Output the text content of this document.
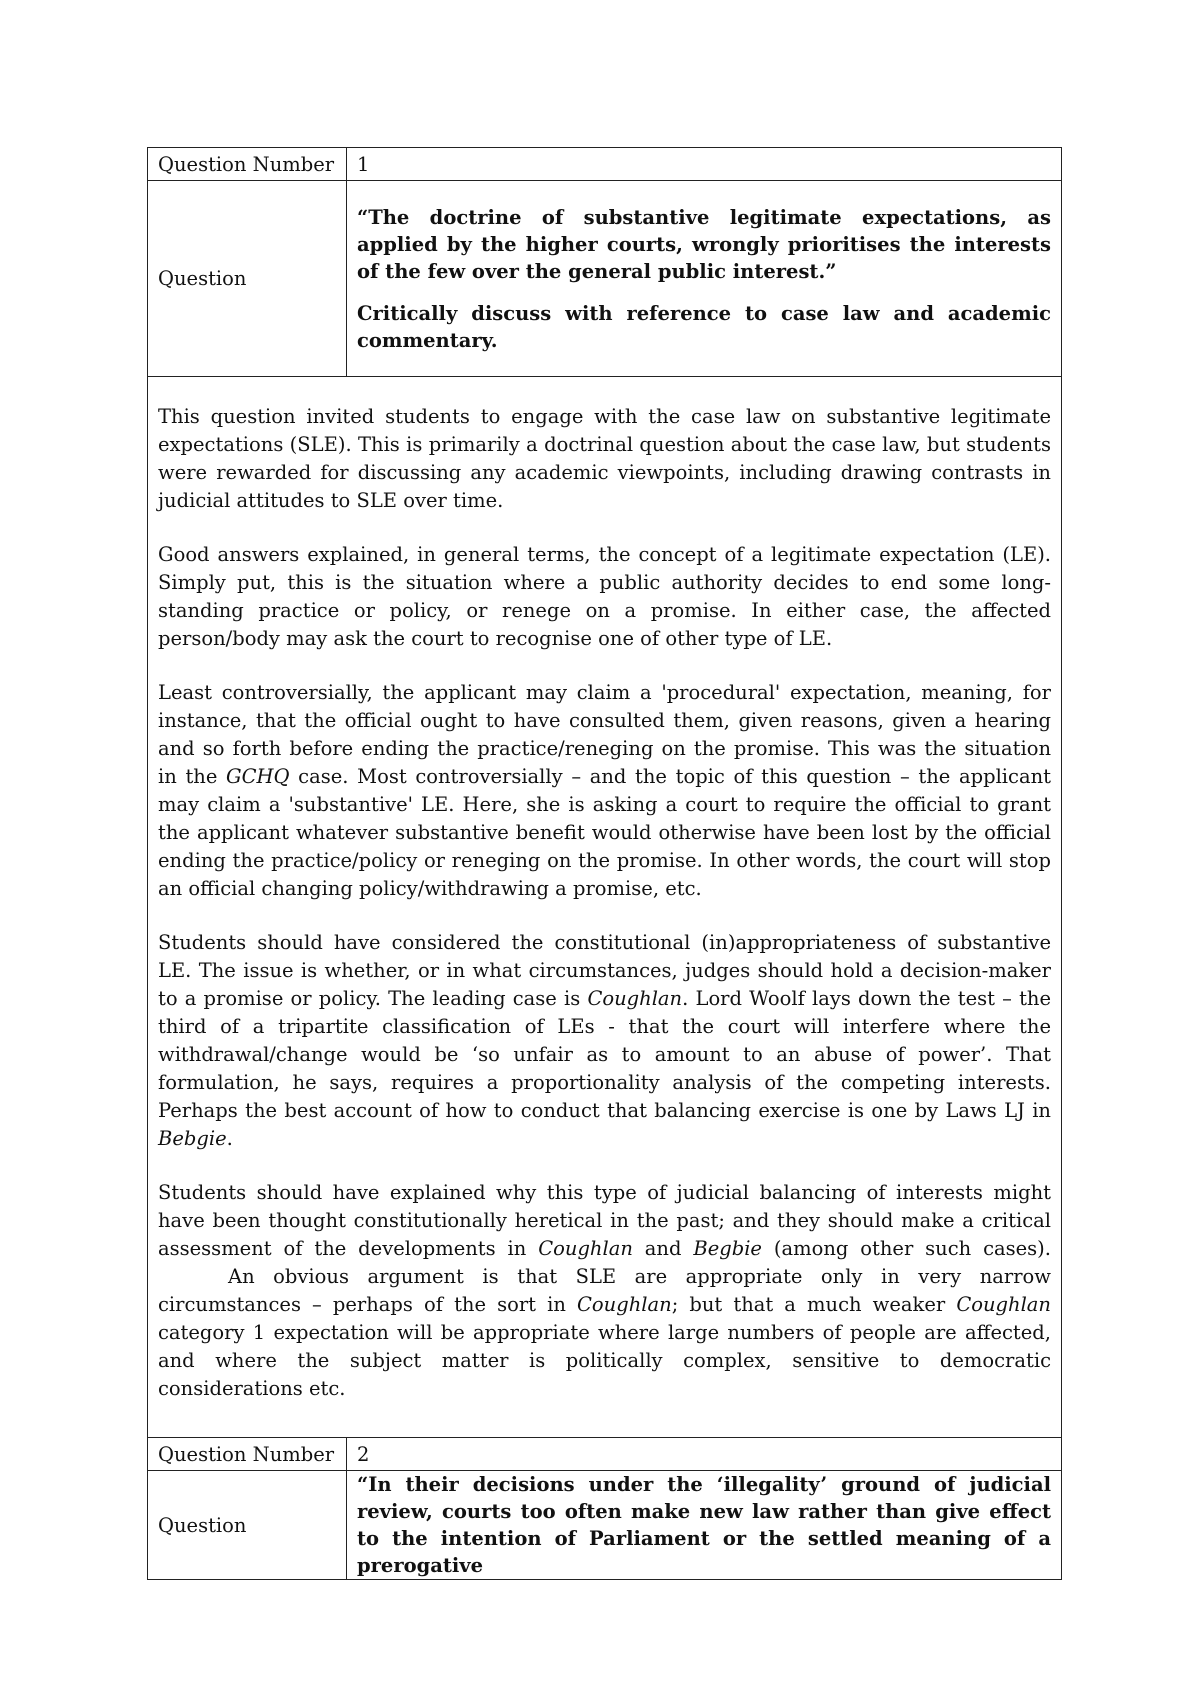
Question Number	1
Question	“The doctrine of substantive legitimate expectations, as applied by the higher courts, wrongly prioritises the interests of the few over the general public interest.”

Critically discuss with reference to case law and academic commentary.

This question invited students to engage with the case law on substantive legitimate expectations (SLE). This is primarily a doctrinal question about the case law, but students were rewarded for discussing any academic viewpoints, including drawing contrasts in judicial attitudes to SLE over time.

Good answers explained, in general terms, the concept of a legitimate expectation (LE). Simply put, this is the situation where a public authority decides to end some long-standing practice or policy, or renege on a promise. In either case, the affected person/body may ask the court to recognise one of other type of LE.

Least controversially, the applicant may claim a 'procedural' expectation, meaning, for instance, that the official ought to have consulted them, given reasons, given a hearing and so forth before ending the practice/reneging on the promise. This was the situation in the GCHQ case. Most controversially – and the topic of this question – the applicant may claim a 'substantive' LE. Here, she is asking a court to require the official to grant the applicant whatever substantive benefit would otherwise have been lost by the official ending the practice/policy or reneging on the promise. In other words, the court will stop an official changing policy/withdrawing a promise, etc.

Students should have considered the constitutional (in)appropriateness of substantive LE. The issue is whether, or in what circumstances, judges should hold a decision-maker to a promise or policy. The leading case is Coughlan. Lord Woolf lays down the test – the third of a tripartite classification of LEs - that the court will interfere where the withdrawal/change would be ‘so unfair as to amount to an abuse of power’. That formulation, he says, requires a proportionality analysis of the competing interests. Perhaps the best account of how to conduct that balancing exercise is one by Laws LJ in Bebgie.

Students should have explained why this type of judicial balancing of interests might have been thought constitutionally heretical in the past; and they should make a critical assessment of the developments in Coughlan and Begbie (among other such cases). An obvious argument is that SLE are appropriate only in very narrow circumstances – perhaps of the sort in Coughlan; but that a much weaker Coughlan category 1 expectation will be appropriate where large numbers of people are affected, and where the subject matter is politically complex, sensitive to democratic considerations etc.	

Question Number	2
Question	“In their decisions under the ‘illegality’ ground of judicial review, courts too often make new law rather than give effect to the intention of Parliament or the settled meaning of a prerogative
